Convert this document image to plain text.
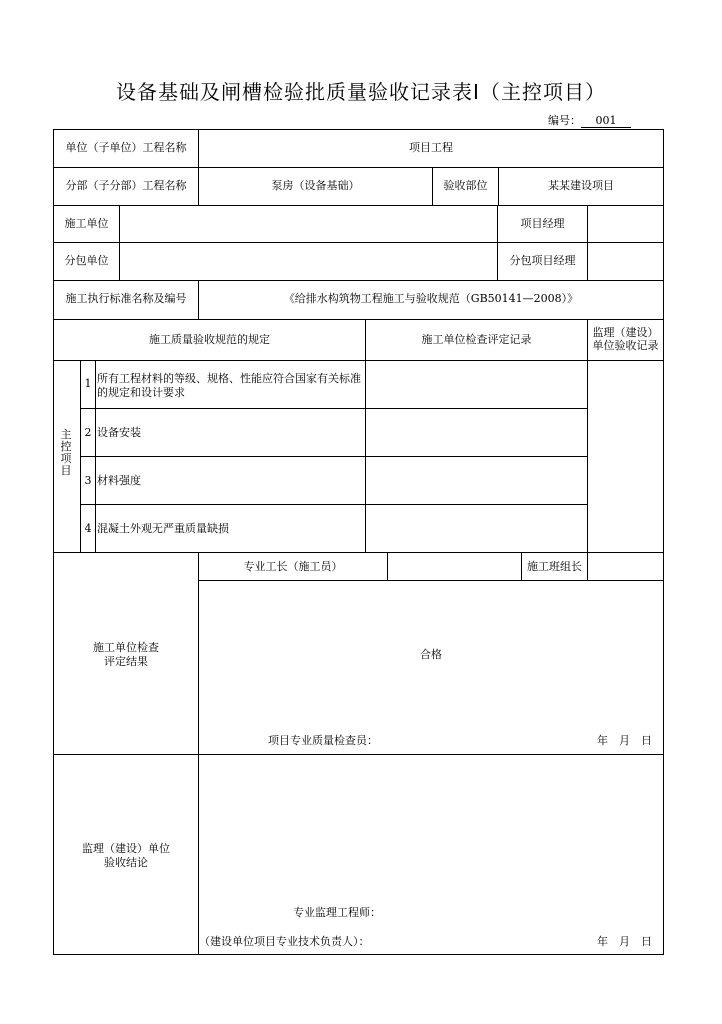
设备基础及闸槽检验批质量验收记录表Ⅰ（主控项目）
编号： 001
单位（子单位）工程名称	项目工程
分部（子分部）工程名称	泵房（设备基础）	验收部位	某某建设项目
施工单位	项目经理
分包单位	分包项目经理
施工执行标准名称及编号	《给排水构筑物工程施工与验收规范（GB50141—2008）》
施工质量验收规范的规定	施工单位检查评定记录
监理（建设）
单位验收记录
主控项目
1 所有工程材料的等级、规格、性能应符合国家有关标准的规定和设计要求
2 设备安装
3 材料强度
4 混凝土外观无严重质量缺损
施工单位检查
评定结果
专业工长（施工员）	施工班组长
合格
项目专业质量检查员：	年　月　日
监理（建设）单位
验收结论
专业监理工程师：
（建设单位项目专业技术负责人）：	年　月　日
